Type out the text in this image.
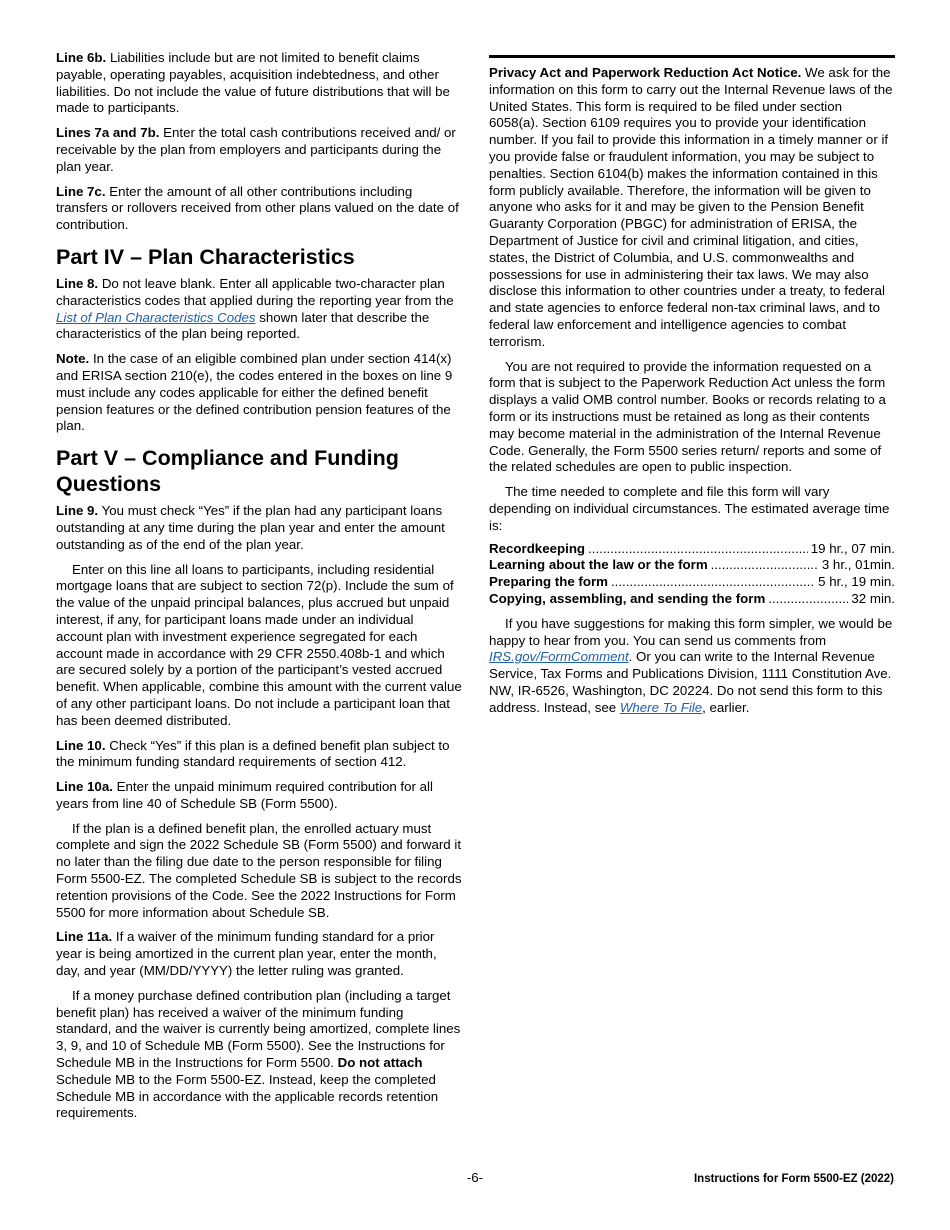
Line 6b. Liabilities include but are not limited to benefit claims payable, operating payables, acquisition indebtedness, and other liabilities. Do not include the value of future distributions that will be made to participants.

Lines 7a and 7b. Enter the total cash contributions received and/ or receivable by the plan from employers and participants during the plan year.

Line 7c. Enter the amount of all other contributions including transfers or rollovers received from other plans valued on the date of contribution.

Part IV – Plan Characteristics

Line 8. Do not leave blank. Enter all applicable two-character plan characteristics codes that applied during the reporting year from the List of Plan Characteristics Codes shown later that describe the characteristics of the plan being reported.

Note. In the case of an eligible combined plan under section 414(x) and ERISA section 210(e), the codes entered in the boxes on line 9 must include any codes applicable for either the defined benefit pension features or the defined contribution pension features of the plan.

Part V – Compliance and Funding Questions

Line 9. You must check “Yes” if the plan had any participant loans outstanding at any time during the plan year and enter the amount outstanding as of the end of the plan year.

Enter on this line all loans to participants, including residential mortgage loans that are subject to section 72(p). Include the sum of the value of the unpaid principal balances, plus accrued but unpaid interest, if any, for participant loans made under an individual account plan with investment experience segregated for each account made in accordance with 29 CFR 2550.408b-1 and which are secured solely by a portion of the participant’s vested accrued benefit. When applicable, combine this amount with the current value of any other participant loans. Do not include a participant loan that has been deemed distributed.

Line 10. Check “Yes” if this plan is a defined benefit plan subject to the minimum funding standard requirements of section 412.

Line 10a. Enter the unpaid minimum required contribution for all years from line 40 of Schedule SB (Form 5500).

If the plan is a defined benefit plan, the enrolled actuary must complete and sign the 2022 Schedule SB (Form 5500) and forward it no later than the filing due date to the person responsible for filing Form 5500-EZ. The completed Schedule SB is subject to the records retention provisions of the Code. See the 2022 Instructions for Form 5500 for more information about Schedule SB.

Line 11a. If a waiver of the minimum funding standard for a prior year is being amortized in the current plan year, enter the month, day, and year (MM/DD/YYYY) the letter ruling was granted.

If a money purchase defined contribution plan (including a target benefit plan) has received a waiver of the minimum funding standard, and the waiver is currently being amortized, complete lines 3, 9, and 10 of Schedule MB (Form 5500). See the Instructions for Schedule MB in the Instructions for Form 5500. Do not attach Schedule MB to the Form 5500-EZ. Instead, keep the completed Schedule MB in accordance with the applicable records retention requirements.

Privacy Act and Paperwork Reduction Act Notice. We ask for the information on this form to carry out the Internal Revenue laws of the United States. This form is required to be filed under section 6058(a). Section 6109 requires you to provide your identification number. If you fail to provide this information in a timely manner or if you provide false or fraudulent information, you may be subject to penalties. Section 6104(b) makes the information contained in this form publicly available. Therefore, the information will be given to anyone who asks for it and may be given to the Pension Benefit Guaranty Corporation (PBGC) for administration of ERISA, the Department of Justice for civil and criminal litigation, and cities, states, the District of Columbia, and U.S. commonwealths and possessions for use in administering their tax laws. We may also disclose this information to other countries under a treaty, to federal and state agencies to enforce federal non-tax criminal laws, and to federal law enforcement and intelligence agencies to combat terrorism.

You are not required to provide the information requested on a form that is subject to the Paperwork Reduction Act unless the form displays a valid OMB control number. Books or records relating to a form or its instructions must be retained as long as their contents may become material in the administration of the Internal Revenue Code. Generally, the Form 5500 series return/ reports and some of the related schedules are open to public inspection.

The time needed to complete and file this form will vary depending on individual circumstances. The estimated average time is:

Recordkeeping .....	19 hr., 07 min.
Learning about the law or the form .....	3 hr., 01min.
Preparing the form .....	5 hr., 19 min.
Copying, assembling, and sending the form .....	32 min.

If you have suggestions for making this form simpler, we would be happy to hear from you. You can send us comments from IRS.gov/FormComment. Or you can write to the Internal Revenue Service, Tax Forms and Publications Division, 1111 Constitution Ave. NW, IR-6526, Washington, DC 20224. Do not send this form to this address. Instead, see Where To File, earlier.

-6-	Instructions for Form 5500-EZ (2022)
